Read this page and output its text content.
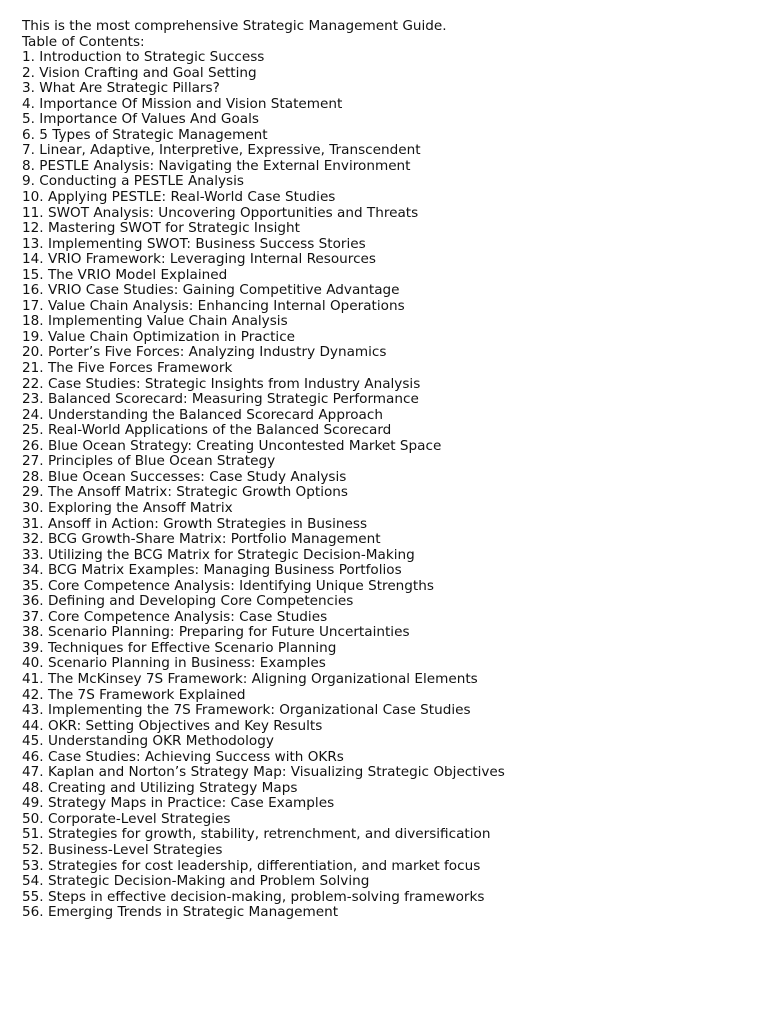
This is the most comprehensive Strategic Management Guide.

Table of Contents:

1. Introduction to Strategic Success
2. Vision Crafting and Goal Setting
3. What Are Strategic Pillars?
4. Importance Of Mission and Vision Statement
5. Importance Of Values And Goals
6. 5 Types of Strategic Management
7. Linear, Adaptive, Interpretive, Expressive, Transcendent
8. PESTLE Analysis: Navigating the External Environment
9. Conducting a PESTLE Analysis
10. Applying PESTLE: Real-World Case Studies
11. SWOT Analysis: Uncovering Opportunities and Threats
12. Mastering SWOT for Strategic Insight
13. Implementing SWOT: Business Success Stories
14. VRIO Framework: Leveraging Internal Resources
15. The VRIO Model Explained
16. VRIO Case Studies: Gaining Competitive Advantage
17. Value Chain Analysis: Enhancing Internal Operations
18. Implementing Value Chain Analysis
19. Value Chain Optimization in Practice
20. Porter’s Five Forces: Analyzing Industry Dynamics
21. The Five Forces Framework
22. Case Studies: Strategic Insights from Industry Analysis
23. Balanced Scorecard: Measuring Strategic Performance
24. Understanding the Balanced Scorecard Approach
25. Real-World Applications of the Balanced Scorecard
26. Blue Ocean Strategy: Creating Uncontested Market Space
27. Principles of Blue Ocean Strategy
28. Blue Ocean Successes: Case Study Analysis
29. The Ansoff Matrix: Strategic Growth Options
30. Exploring the Ansoff Matrix
31. Ansoff in Action: Growth Strategies in Business
32. BCG Growth-Share Matrix: Portfolio Management
33. Utilizing the BCG Matrix for Strategic Decision-Making
34. BCG Matrix Examples: Managing Business Portfolios
35. Core Competence Analysis: Identifying Unique Strengths
36. Defining and Developing Core Competencies
37. Core Competence Analysis: Case Studies
38. Scenario Planning: Preparing for Future Uncertainties
39. Techniques for Effective Scenario Planning
40. Scenario Planning in Business: Examples
41. The McKinsey 7S Framework: Aligning Organizational Elements
42. The 7S Framework Explained
43. Implementing the 7S Framework: Organizational Case Studies
44. OKR: Setting Objectives and Key Results
45. Understanding OKR Methodology
46. Case Studies: Achieving Success with OKRs
47. Kaplan and Norton’s Strategy Map: Visualizing Strategic Objectives
48. Creating and Utilizing Strategy Maps
49. Strategy Maps in Practice: Case Examples
50. Corporate-Level Strategies
51. Strategies for growth, stability, retrenchment, and diversification
52. Business-Level Strategies
53. Strategies for cost leadership, differentiation, and market focus
54. Strategic Decision-Making and Problem Solving
55. Steps in effective decision-making, problem-solving frameworks
56. Emerging Trends in Strategic Management
